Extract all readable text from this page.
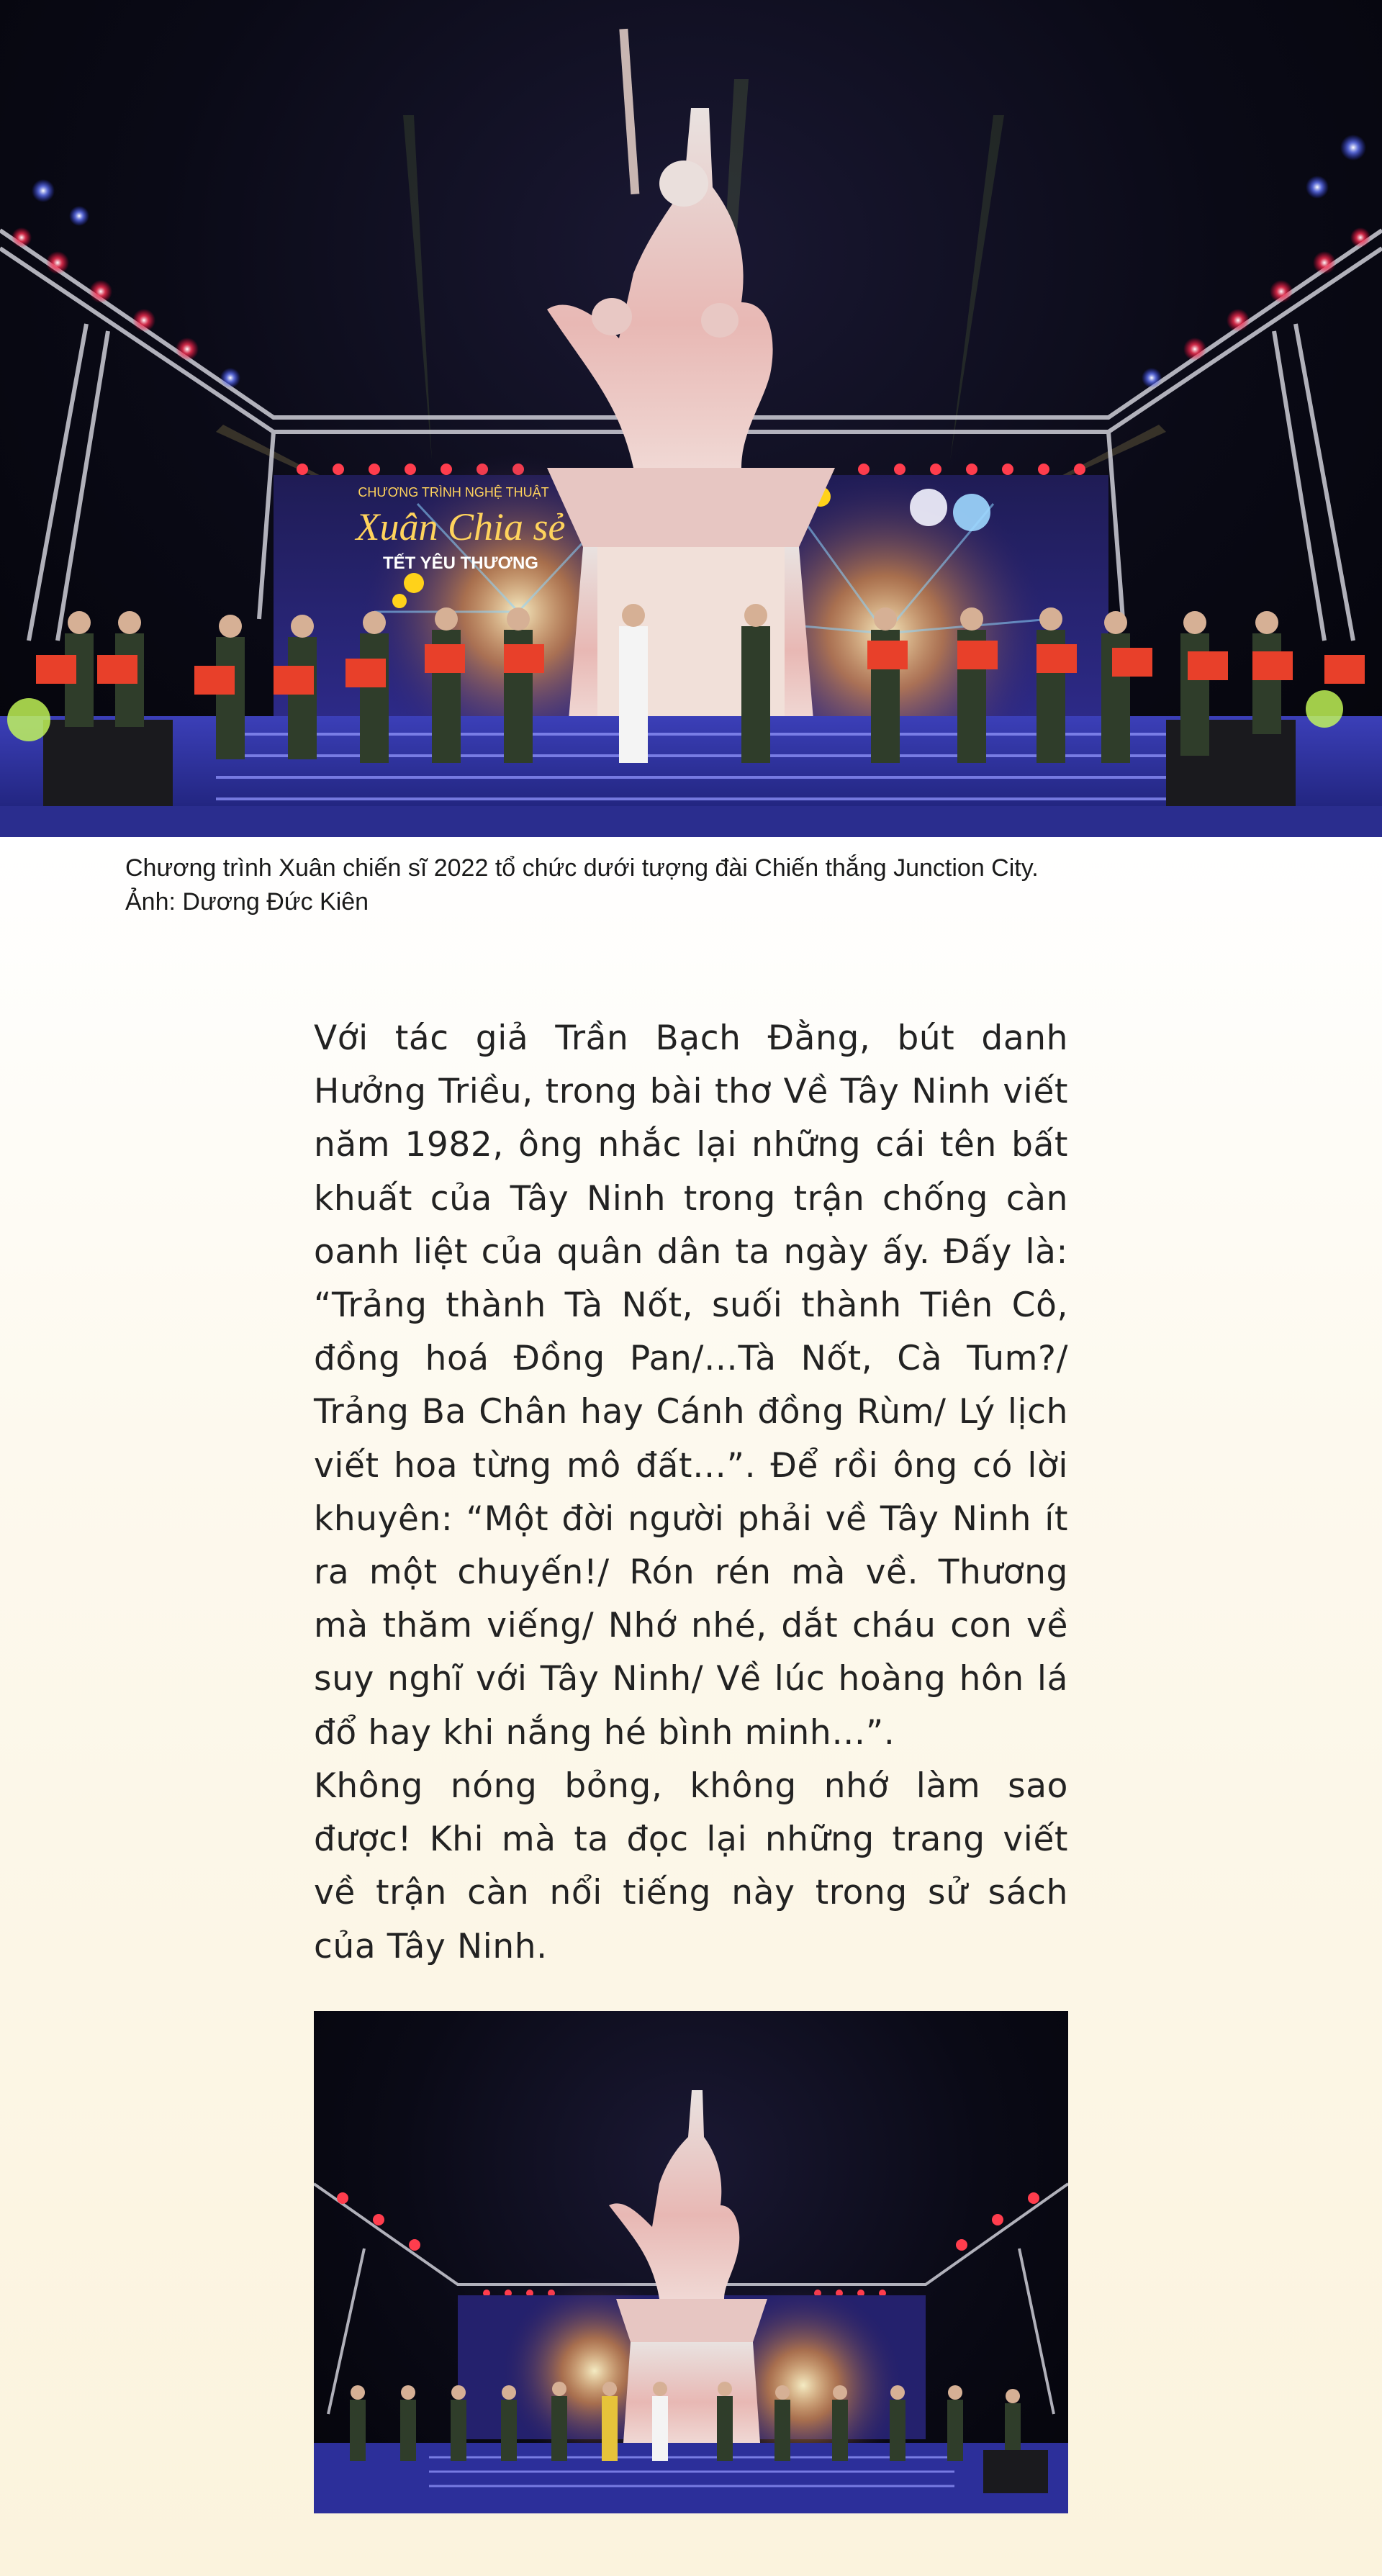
CHƯƠNG TRÌNH NGHỆ THUẬT
Xuân Chia sẻ
TẾT YÊU THƯƠNG
Chương trình Xuân chiến sĩ 2022 tổ chức dưới tượng đài Chiến thắng Junction City.
Ảnh: Dương Đức Kiên

Với tác giả Trần Bạch Đằng, bút danh Hưởng Triều, trong bài thơ Về Tây Ninh viết năm 1982, ông nhắc lại những cái tên bất khuất của Tây Ninh trong trận chống càn oanh liệt của quân dân ta ngày ấy. Đấy là: “Trảng thành Tà Nốt, suối thành Tiên Cô, đồng hoá Đồng Pan/…Tà Nốt, Cà Tum?/ Trảng Ba Chân hay Cánh đồng Rùm/ Lý lịch viết hoa từng mô đất…”. Để rồi ông có lời khuyên: “Một đời người phải về Tây Ninh ít ra một chuyến!/ Rón rén mà về. Thương mà thăm viếng/ Nhớ nhé, dắt cháu con về suy nghĩ với Tây Ninh/ Về lúc hoàng hôn lá đổ hay khi nắng hé bình minh…”.

Không nóng bỏng, không nhớ làm sao được! Khi mà ta đọc lại những trang viết về trận càn nổi tiếng này trong sử sách của Tây Ninh.
